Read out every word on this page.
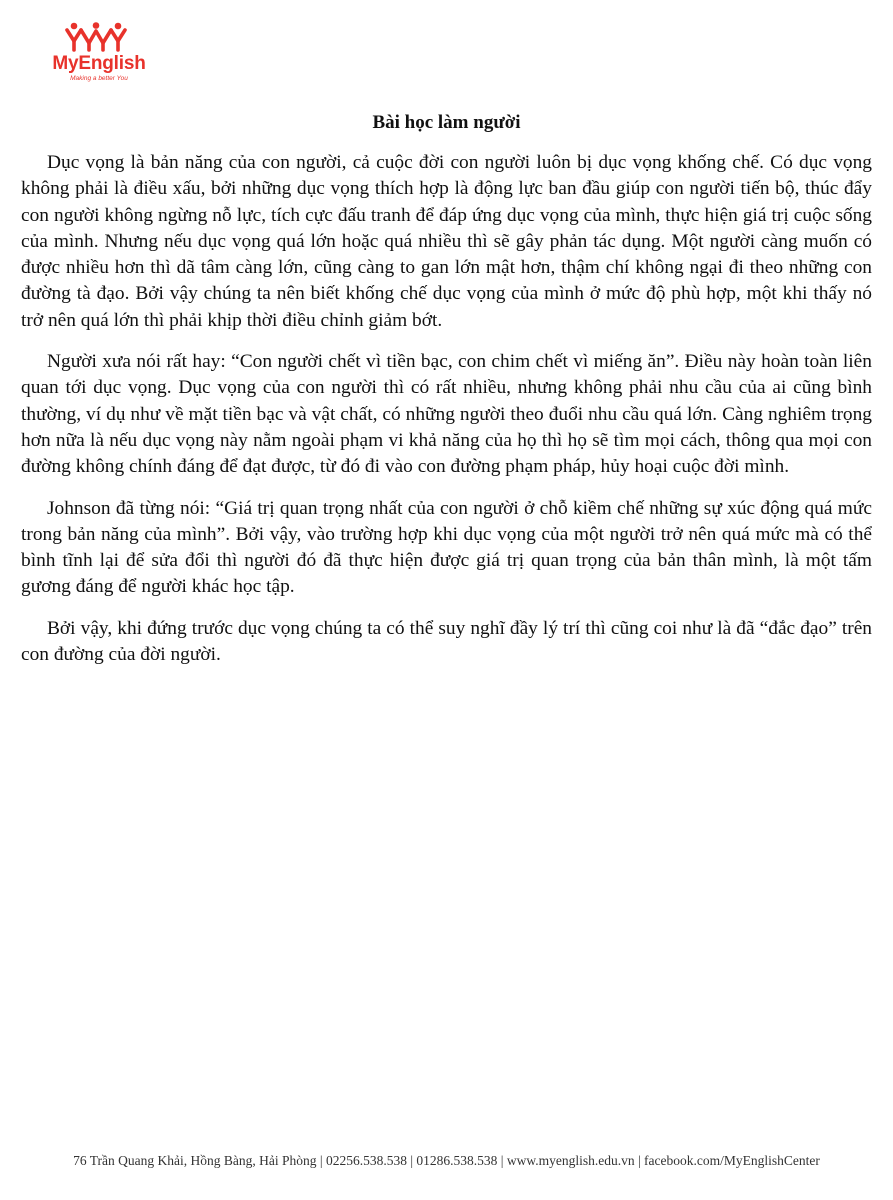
MyEnglish
Making a better You
Bài học làm người

Dục vọng là bản năng của con người, cả cuộc đời con người luôn bị dục vọng khống chế. Có dục vọng không phải là điều xấu, bởi những dục vọng thích hợp là động lực ban đầu giúp con người tiến bộ, thúc đẩy con người không ngừng nỗ lực, tích cực đấu tranh để đáp ứng dục vọng của mình, thực hiện giá trị cuộc sống của mình. Nhưng nếu dục vọng quá lớn hoặc quá nhiều thì sẽ gây phản tác dụng. Một người càng muốn có được nhiều hơn thì dã tâm càng lớn, cũng càng to gan lớn mật hơn, thậm chí không ngại đi theo những con đường tà đạo. Bởi vậy chúng ta nên biết khống chế dục vọng của mình ở mức độ phù hợp, một khi thấy nó trở nên quá lớn thì phải khịp thời điều chỉnh giảm bớt.

Người xưa nói rất hay: “Con người chết vì tiền bạc, con chim chết vì miếng ăn”. Điều này hoàn toàn liên quan tới dục vọng. Dục vọng của con người thì có rất nhiều, nhưng không phải nhu cầu của ai cũng bình thường, ví dụ như về mặt tiền bạc và vật chất, có những người theo đuổi nhu cầu quá lớn. Càng nghiêm trọng hơn nữa là nếu dục vọng này nằm ngoài phạm vi khả năng của họ thì họ sẽ tìm mọi cách, thông qua mọi con đường không chính đáng để đạt được, từ đó đi vào con đường phạm pháp, hủy hoại cuộc đời mình.

Johnson đã từng nói: “Giá trị quan trọng nhất của con người ở chỗ kiềm chế những sự xúc động quá mức trong bản năng của mình”. Bởi vậy, vào trường hợp khi dục vọng của một người trở nên quá mức mà có thể bình tĩnh lại để sửa đổi thì người đó đã thực hiện được giá trị quan trọng của bản thân mình, là một tấm gương đáng để người khác học tập.

Bởi vậy, khi đứng trước dục vọng chúng ta có thể suy nghĩ đầy lý trí thì cũng coi như là đã “đắc đạo” trên con đường của đời người.

76 Trần Quang Khải, Hồng Bàng, Hải Phòng | 02256.538.538 | 01286.538.538 | www.myenglish.edu.vn | facebook.com/MyEnglishCenter
